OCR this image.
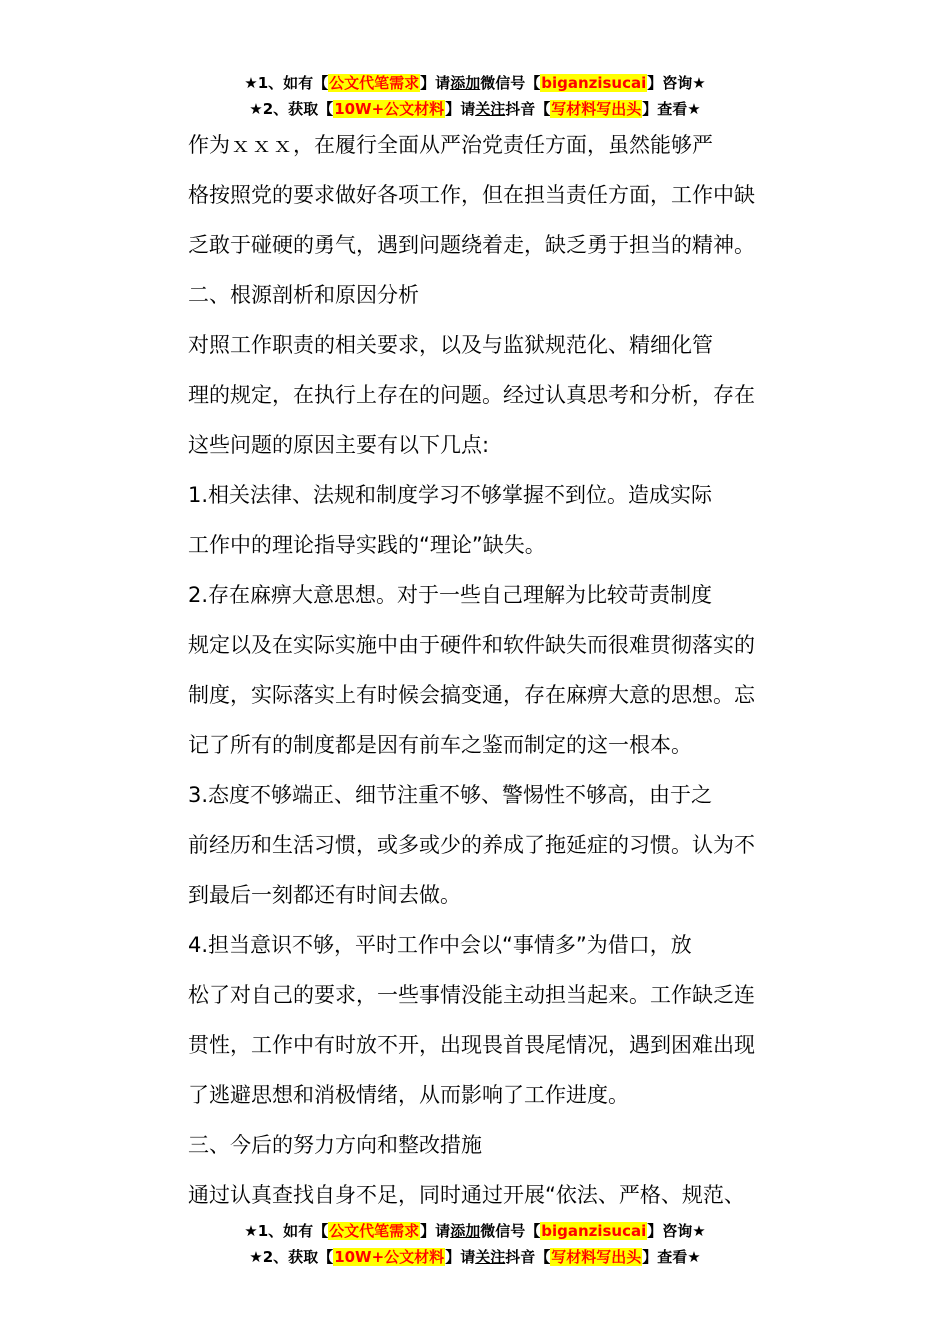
★1、如有【公文代笔需求】请添加微信号【biganzisucai】咨询★
★2、获取【10W+公文材料】请关注抖音【写材料写出头】查看★
作为ｘｘｘ，在履行全面从严治党责任方面，虽然能够严
格按照党的要求做好各项工作，但在担当责任方面，工作中缺
乏敢于碰硬的勇气，遇到问题绕着走，缺乏勇于担当的精神。
二、根源剖析和原因分析
对照工作职责的相关要求，以及与监狱规范化、精细化管
理的规定，在执行上存在的问题。经过认真思考和分析，存在
这些问题的原因主要有以下几点:
1.相关法律、法规和制度学习不够掌握不到位。造成实际
工作中的理论指导实践的“理论”缺失。
2.存在麻痹大意思想。对于一些自己理解为比较苛责制度
规定以及在实际实施中由于硬件和软件缺失而很难贯彻落实的
制度，实际落实上有时候会搞变通，存在麻痹大意的思想。忘
记了所有的制度都是因有前车之鉴而制定的这一根本。
3.态度不够端正、细节注重不够、警惕性不够高，由于之
前经历和生活习惯，或多或少的养成了拖延症的习惯。认为不
到最后一刻都还有时间去做。
4.担当意识不够，平时工作中会以“事情多”为借口，放
松了对自己的要求，一些事情没能主动担当起来。工作缺乏连
贯性，工作中有时放不开，出现畏首畏尾情况，遇到困难出现
了逃避思想和消极情绪，从而影响了工作进度。
三、今后的努力方向和整改措施
通过认真查找自身不足，同时通过开展“依法、严格、规范、
★1、如有【公文代笔需求】请添加微信号【biganzisucai】咨询★
★2、获取【10W+公文材料】请关注抖音【写材料写出头】查看★
